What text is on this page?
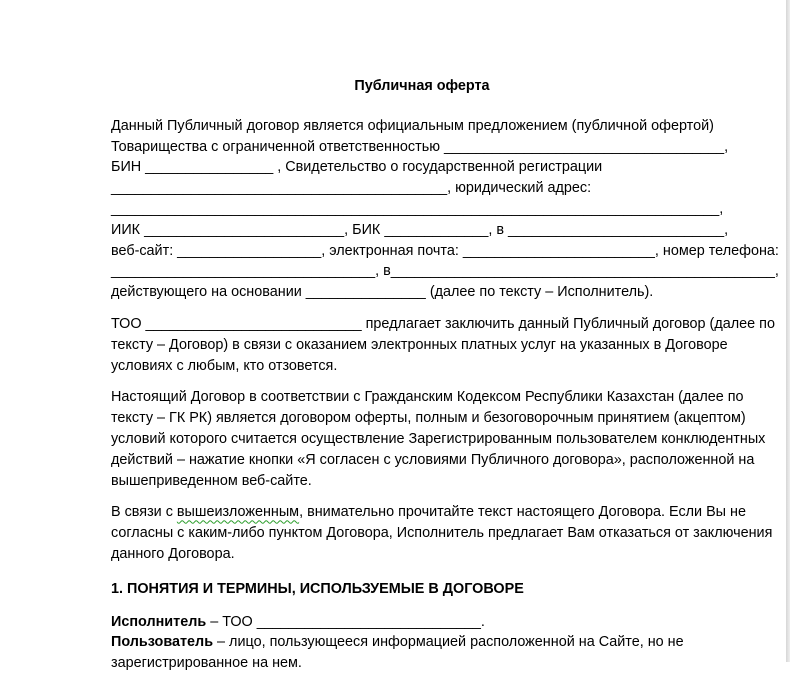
Публичная оферта

Данный Публичный договор является официальным предложением (публичной офертой)
Товарищества с ограниченной ответственностью ___________________________________,
БИН ________________ , Свидетельство о государственной регистрации
__________________________________________, юридический адрес:
____________________________________________________________________________,
ИИК _________________________, БИК _____________, в ___________________________,
веб-сайт: __________________, электронная почта: ________________________, номер телефона:
_________________________________, в________________________________________________,
действующего на основании _______________ (далее по тексту – Исполнитель).

ТОО ___________________________ предлагает заключить данный Публичный договор (далее по
тексту – Договор) в связи с оказанием электронных платных услуг на указанных в Договоре
условиях с любым, кто отзовется.

Настоящий Договор в соответствии с Гражданским Кодексом Республики Казахстан (далее по
тексту – ГК РК) является договором оферты, полным и безоговорочным принятием (акцептом)
условий которого считается осуществление Зарегистрированным пользователем конклюдентных
действий – нажатие кнопки «Я согласен с условиями Публичного договора», расположенной на
вышеприведенном веб-сайте.

В связи с вышеизложенным, внимательно прочитайте текст настоящего Договора. Если Вы не
согласны с каким-либо пунктом Договора, Исполнитель предлагает Вам отказаться от заключения
данного Договора.

1. ПОНЯТИЯ И ТЕРМИНЫ, ИСПОЛЬЗУЕМЫЕ В ДОГОВОРЕ

Исполнитель – ТОО ____________________________.

Пользователь – лицо, пользующееся информацией расположенной на Сайте, но не
зарегистрированное на нем.
